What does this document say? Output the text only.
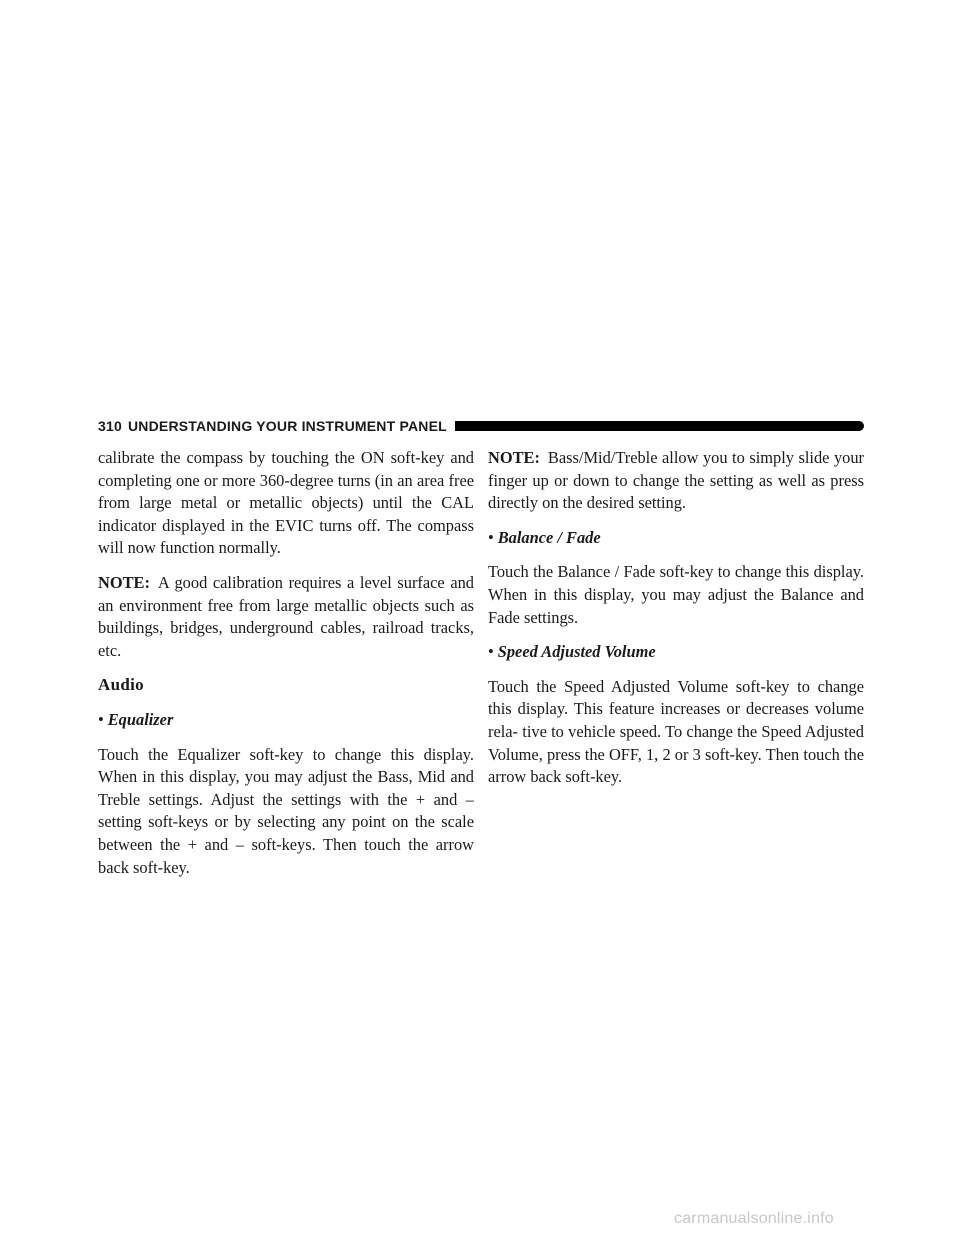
310 UNDERSTANDING YOUR INSTRUMENT PANEL

calibrate the compass by touching the ON soft-key and completing one or more 360-degree turns (in an area free from large metal or metallic objects) until the CAL indicator displayed in the EVIC turns off. The compass will now function normally.

NOTE: A good calibration requires a level surface and an environment free from large metallic objects such as buildings, bridges, underground cables, railroad tracks, etc.

Audio

• Equalizer

Touch the Equalizer soft-key to change this display. When in this display, you may adjust the Bass, Mid and Treble settings. Adjust the settings with the + and – setting soft-keys or by selecting any point on the scale between the + and – soft-keys. Then touch the arrow back soft-key.

NOTE: Bass/Mid/Treble allow you to simply slide your finger up or down to change the setting as well as press directly on the desired setting.

• Balance / Fade

Touch the Balance / Fade soft-key to change this display. When in this display, you may adjust the Balance and Fade settings.

• Speed Adjusted Volume

Touch the Speed Adjusted Volume soft-key to change this display. This feature increases or decreases volume rela- tive to vehicle speed. To change the Speed Adjusted Volume, press the OFF, 1, 2 or 3 soft-key. Then touch the arrow back soft-key.

carmanualsonline.info
